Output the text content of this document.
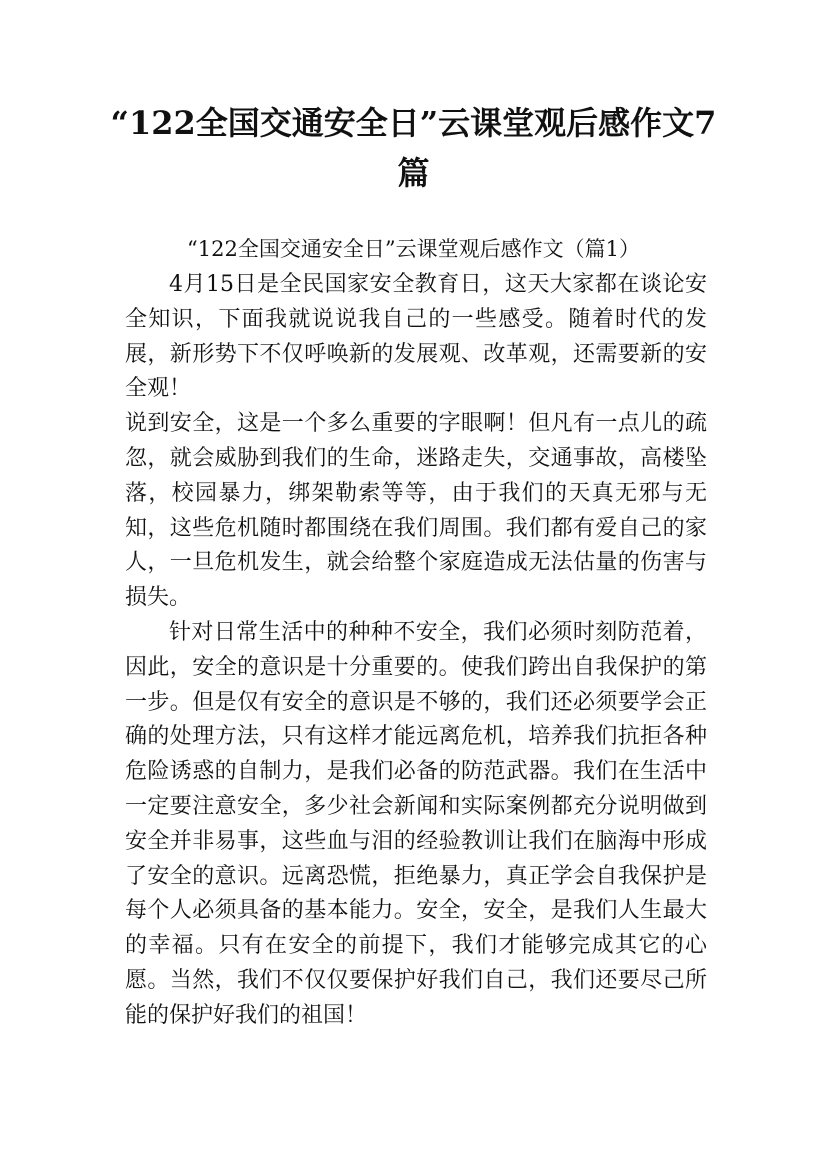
“122全国交通安全日”云课堂观后感作文7篇
“122全国交通安全日”云课堂观后感作文（篇1）

4月15日是全民国家安全教育日，这天大家都在谈论安全知识，下面我就说说我自己的一些感受。随着时代的发展，新形势下不仅呼唤新的发展观、改革观，还需要新的安全观！

说到安全，这是一个多么重要的字眼啊！但凡有一点儿的疏忽，就会威胁到我们的生命，迷路走失，交通事故，高楼坠落，校园暴力，绑架勒索等等，由于我们的天真无邪与无知，这些危机随时都围绕在我们周围。我们都有爱自己的家人，一旦危机发生，就会给整个家庭造成无法估量的伤害与损失。

针对日常生活中的种种不安全，我们必须时刻防范着，因此，安全的意识是十分重要的。使我们跨出自我保护的第一步。但是仅有安全的意识是不够的，我们还必须要学会正确的处理方法，只有这样才能远离危机，培养我们抗拒各种危险诱惑的自制力，是我们必备的防范武器。我们在生活中一定要注意安全，多少社会新闻和实际案例都充分说明做到安全并非易事，这些血与泪的经验教训让我们在脑海中形成了安全的意识。远离恐慌，拒绝暴力，真正学会自我保护是每个人必须具备的基本能力。安全，安全，是我们人生最大的幸福。只有在安全的前提下，我们才能够完成其它的心愿。当然，我们不仅仅要保护好我们自己，我们还要尽己所能的保护好我们的祖国！
